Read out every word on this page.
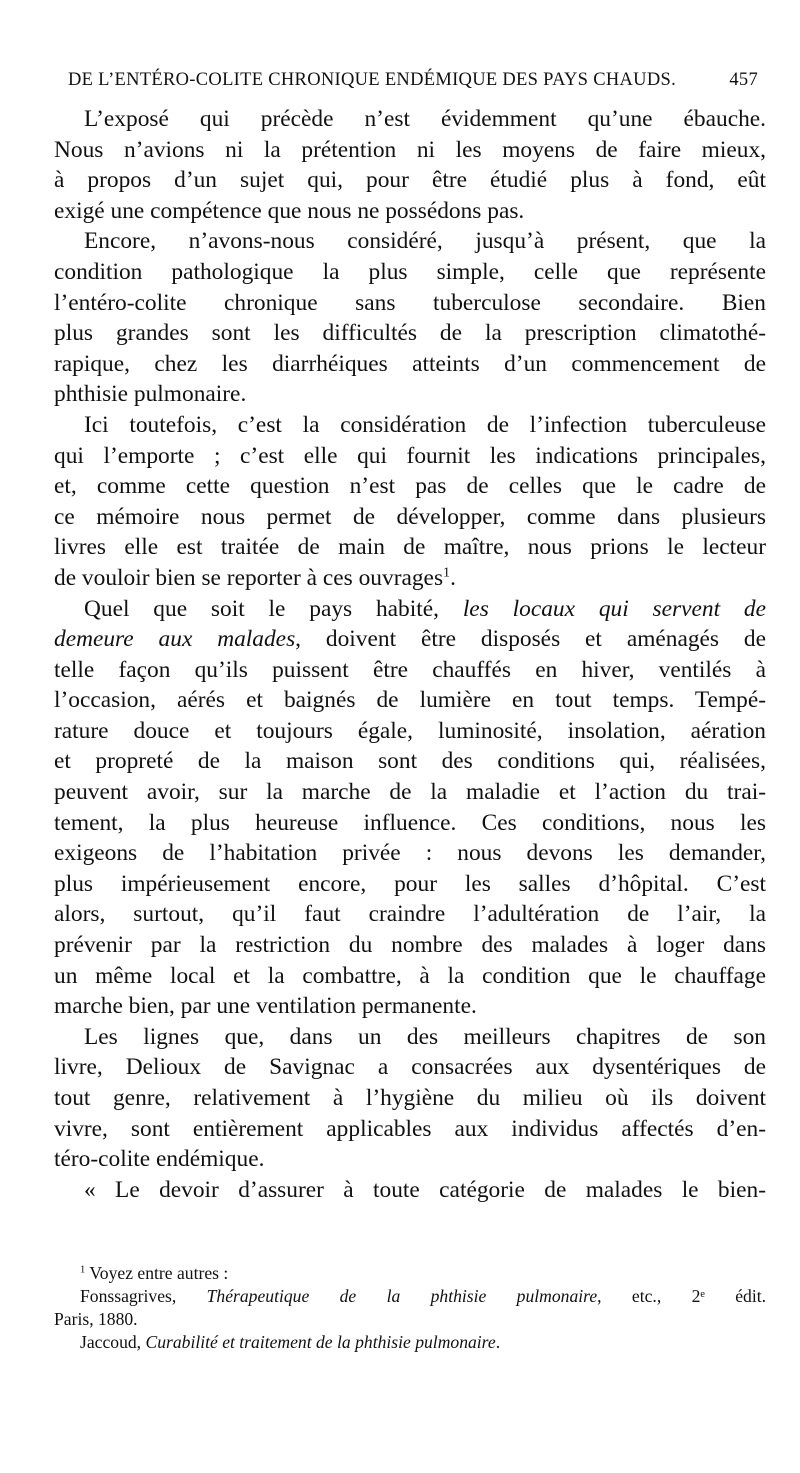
DE L’ENTÉRO-COLITE CHRONIQUE ENDÉMIQUE DES PAYS CHAUDS.	457
L’exposé qui précède n’est évidemment qu’une ébauche.
Nous n’avions ni la prétention ni les moyens de faire mieux,
à propos d’un sujet qui, pour être étudié plus à fond, eût
exigé une compétence que nous ne possédons pas.
Encore, n’avons-nous considéré, jusqu’à présent, que la
condition pathologique la plus simple, celle que représente
l’entéro-colite chronique sans tuberculose secondaire. Bien
plus grandes sont les difficultés de la prescription climatothé-
rapique, chez les diarrhéiques atteints d’un commencement de
phthisie pulmonaire.
Ici toutefois, c’est la considération de l’infection tuberculeuse
qui l’emporte ; c’est elle qui fournit les indications principales,
et, comme cette question n’est pas de celles que le cadre de
ce mémoire nous permet de développer, comme dans plusieurs
livres elle est traitée de main de maître, nous prions le lecteur
de vouloir bien se reporter à ces ouvrages$^1$.
Quel que soit le pays habité, les locaux qui servent de
demeure aux malades, doivent être disposés et aménagés de
telle façon qu’ils puissent être chauffés en hiver, ventilés à
l’occasion, aérés et baignés de lumière en tout temps. Tempé-
rature douce et toujours égale, luminosité, insolation, aération
et propreté de la maison sont des conditions qui, réalisées,
peuvent avoir, sur la marche de la maladie et l’action du trai-
tement, la plus heureuse influence. Ces conditions, nous les
exigeons de l’habitation privée : nous devons les demander,
plus impérieusement encore, pour les salles d’hôpital. C’est
alors, surtout, qu’il faut craindre l’adultération de l’air, la
prévenir par la restriction du nombre des malades à loger dans
un même local et la combattre, à la condition que le chauffage
marche bien, par une ventilation permanente.
Les lignes que, dans un des meilleurs chapitres de son
livre, Delioux de Savignac a consacrées aux dysentériques de
tout genre, relativement à l’hygiène du milieu où ils doivent
vivre, sont entièrement applicables aux individus affectés d’en-
téro-colite endémique.
« Le devoir d’assurer à toute catégorie de malades le bien-
$^1$ Voyez entre autres :
Fonssagrives, Thérapeutique de la phthisie pulmonaire, etc., 2ᵉ édit.
Paris, 1880.
Jaccoud, Curabilité et traitement de la phthisie pulmonaire.
